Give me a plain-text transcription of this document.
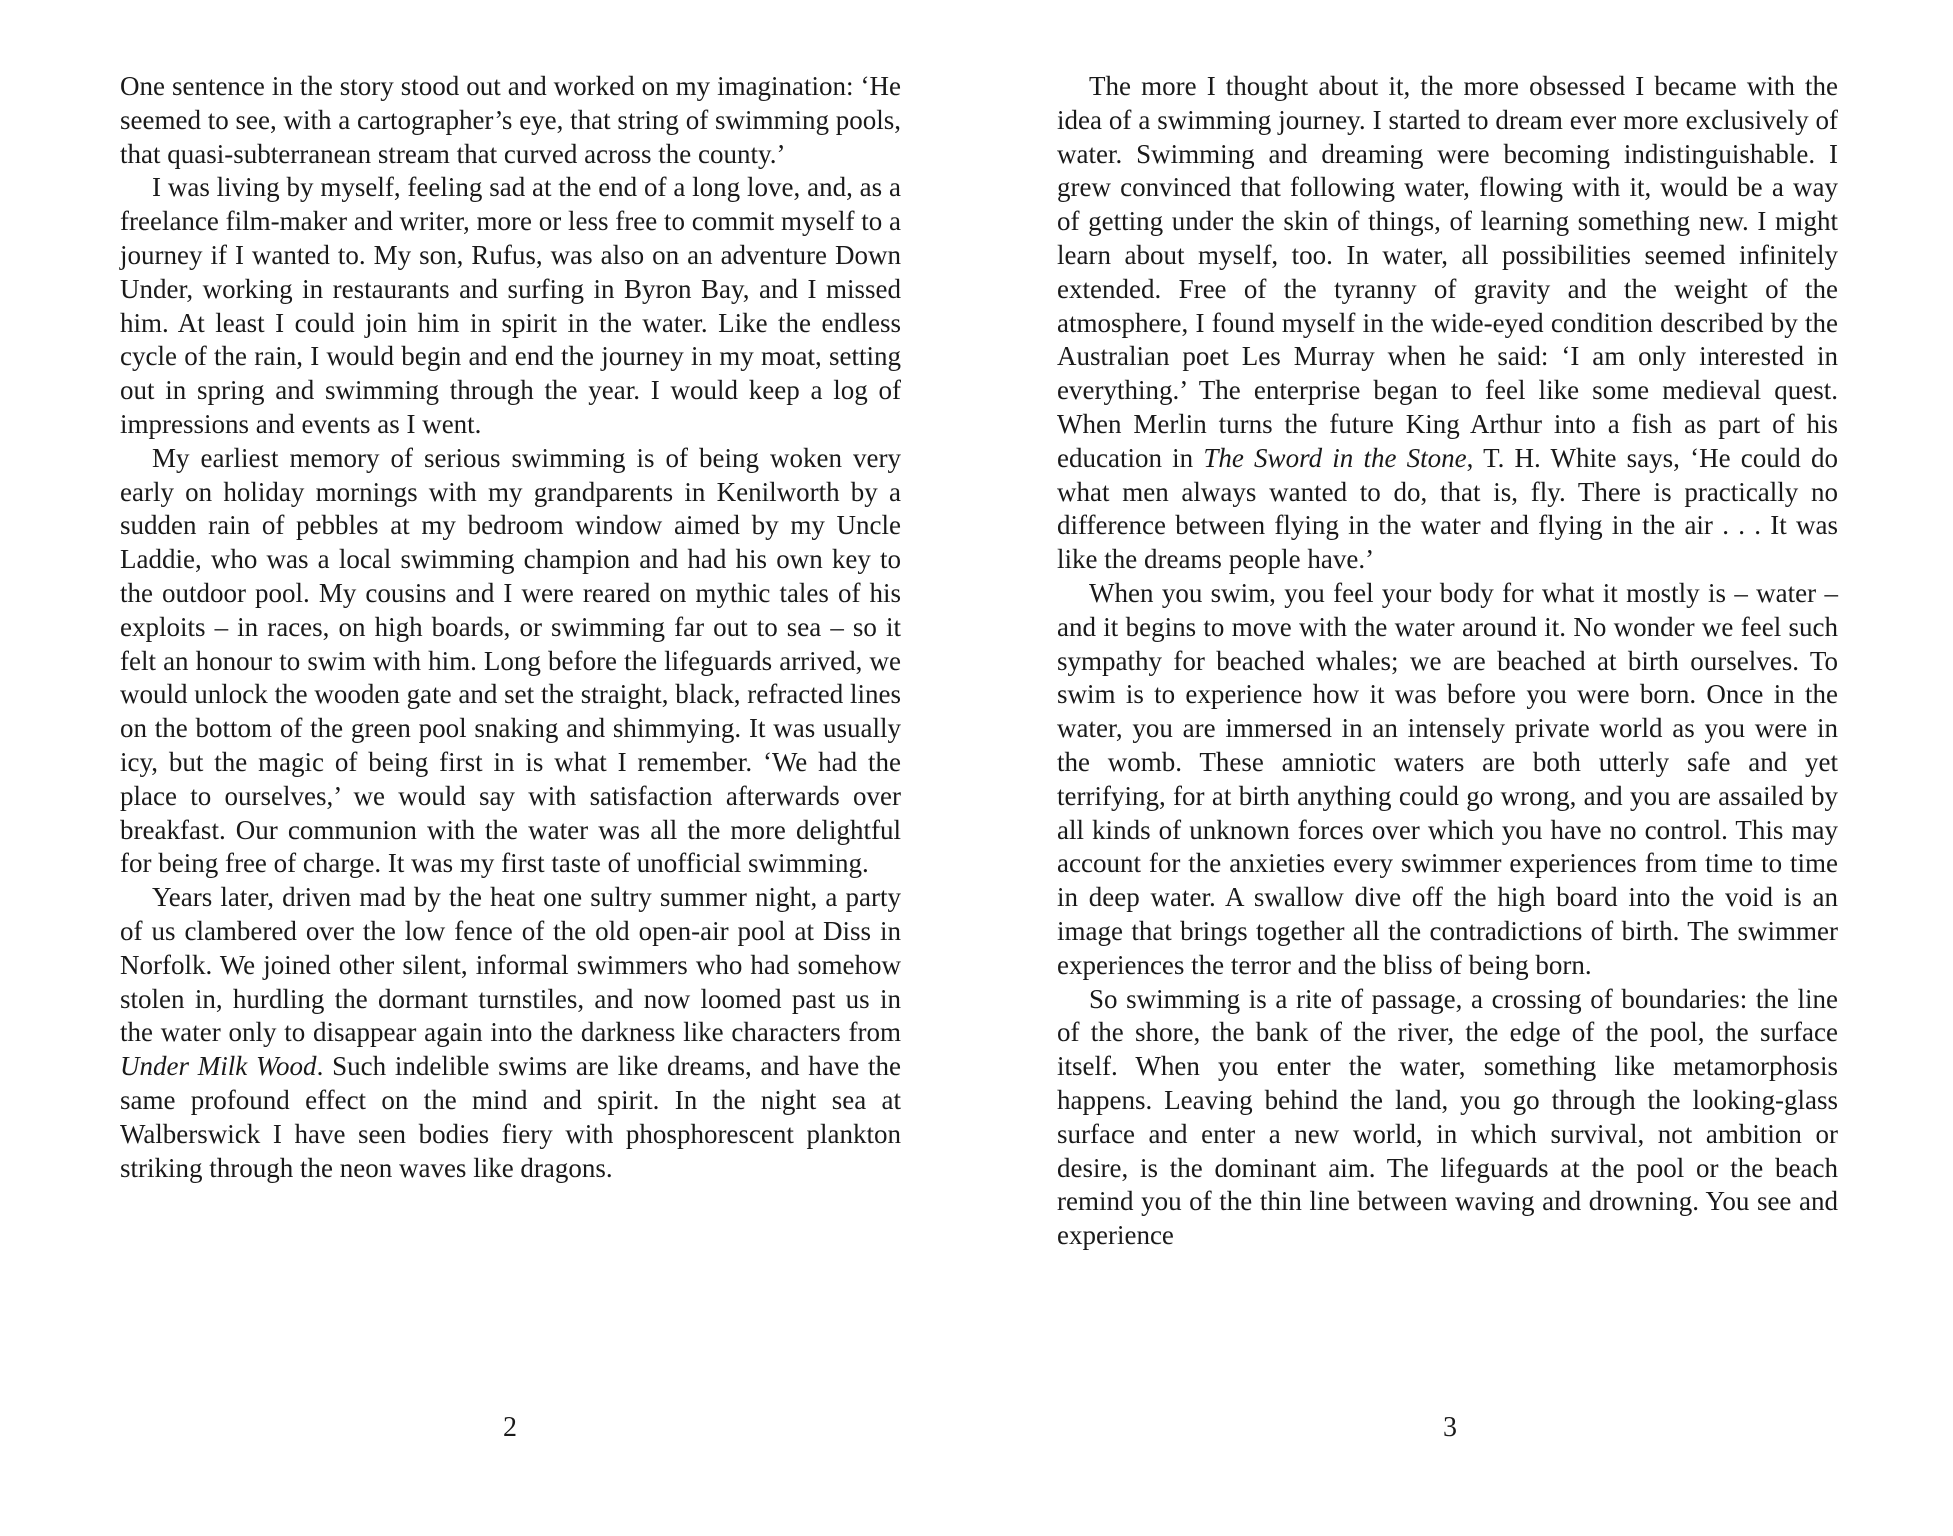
One sentence in the story stood out and worked on my imagination: ‘He seemed to see, with a cartographer’s eye, that string of swimming pools, that quasi-subterranean stream that curved across the county.’

I was living by myself, feeling sad at the end of a long love, and, as a freelance film-maker and writer, more or less free to commit myself to a journey if I wanted to. My son, Rufus, was also on an adventure Down Under, working in restaurants and surfing in Byron Bay, and I missed him. At least I could join him in spirit in the water. Like the endless cycle of the rain, I would begin and end the journey in my moat, setting out in spring and swimming through the year. I would keep a log of impressions and events as I went.

My earliest memory of serious swimming is of being woken very early on holiday mornings with my grandparents in Kenilworth by a sudden rain of pebbles at my bedroom window aimed by my Uncle Laddie, who was a local swimming champion and had his own key to the outdoor pool. My cousins and I were reared on mythic tales of his exploits – in races, on high boards, or swimming far out to sea – so it felt an honour to swim with him. Long before the lifeguards arrived, we would unlock the wooden gate and set the straight, black, refracted lines on the bottom of the green pool snaking and shimmying. It was usually icy, but the magic of being first in is what I remember. ‘We had the place to ourselves,’ we would say with satisfaction afterwards over breakfast. Our communion with the water was all the more delightful for being free of charge. It was my first taste of unofficial swimming.

Years later, driven mad by the heat one sultry summer night, a party of us clambered over the low fence of the old open-air pool at Diss in Norfolk. We joined other silent, informal swimmers who had somehow stolen in, hurdling the dormant turnstiles, and now loomed past us in the water only to disappear again into the darkness like characters from Under Milk Wood. Such indelible swims are like dreams, and have the same profound effect on the mind and spirit. In the night sea at Walberswick I have seen bodies fiery with phosphorescent plankton striking through the neon waves like dragons.

2

The more I thought about it, the more obsessed I became with the idea of a swimming journey. I started to dream ever more exclusively of water. Swimming and dreaming were becoming indistinguishable. I grew convinced that following water, flowing with it, would be a way of getting under the skin of things, of learning something new. I might learn about myself, too. In water, all possibilities seemed infinitely extended. Free of the tyranny of gravity and the weight of the atmosphere, I found myself in the wide-eyed condition described by the Australian poet Les Murray when he said: ‘I am only interested in everything.’ The enterprise began to feel like some medieval quest. When Merlin turns the future King Arthur into a fish as part of his education in The Sword in the Stone, T. H. White says, ‘He could do what men always wanted to do, that is, fly. There is practically no difference between flying in the water and flying in the air . . . It was like the dreams people have.’

When you swim, you feel your body for what it mostly is – water – and it begins to move with the water around it. No wonder we feel such sympathy for beached whales; we are beached at birth ourselves. To swim is to experience how it was before you were born. Once in the water, you are immersed in an intensely private world as you were in the womb. These amniotic waters are both utterly safe and yet terrifying, for at birth anything could go wrong, and you are assailed by all kinds of unknown forces over which you have no control. This may account for the anxieties every swimmer experiences from time to time in deep water. A swallow dive off the high board into the void is an image that brings together all the contradictions of birth. The swimmer experiences the terror and the bliss of being born.

So swimming is a rite of passage, a crossing of boundaries: the line of the shore, the bank of the river, the edge of the pool, the surface itself. When you enter the water, something like metamorphosis happens. Leaving behind the land, you go through the looking-glass surface and enter a new world, in which survival, not ambition or desire, is the dominant aim. The lifeguards at the pool or the beach remind you of the thin line between waving and drowning. You see and experience

3
